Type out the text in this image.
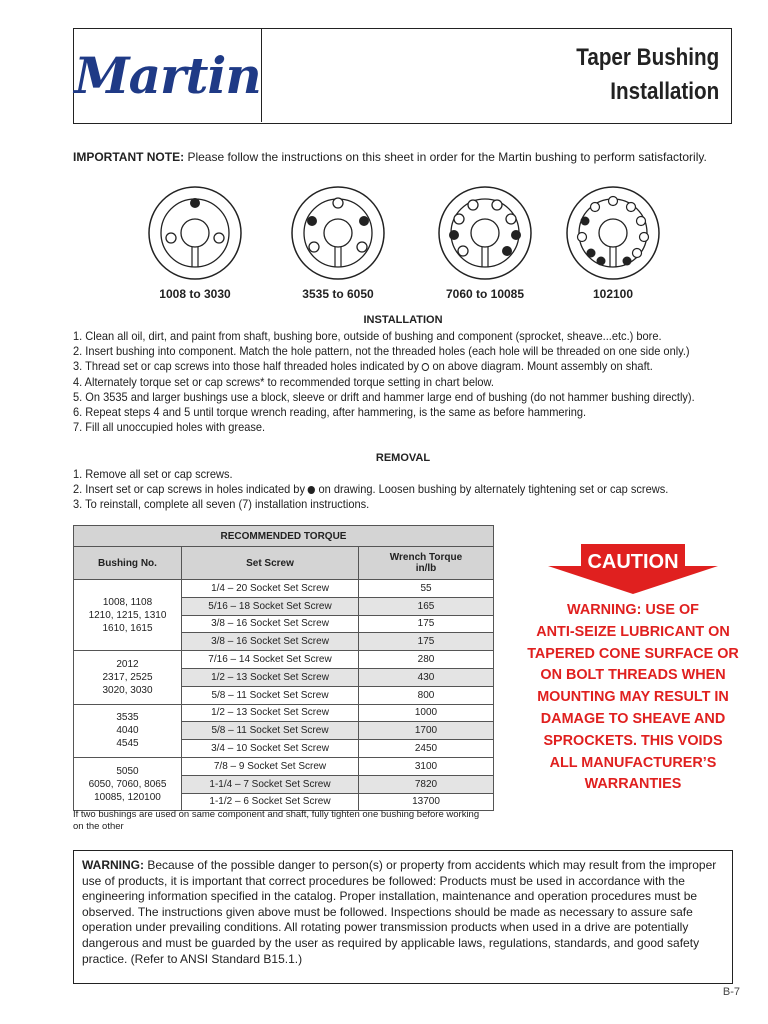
Martin	Taper Bushing
Installation
IMPORTANT NOTE: Please follow the instructions on this sheet in order for the Martin bushing to perform satisfactorily.
1008 to 3030	3535 to 6050	7060 to 10085	102100
INSTALLATION
1. Clean all oil, dirt, and paint from shaft, bushing bore, outside of bushing and component (sprocket, sheave...etc.) bore.
2. Insert bushing into component. Match the hole pattern, not the threaded holes (each hole will be threaded on one side only.)
3. Thread set or cap screws into those half threaded holes indicated by on above diagram. Mount assembly on shaft.
4. Alternately torque set or cap screws* to recommended torque setting in chart below.
5. On 3535 and larger bushings use a block, sleeve or drift and hammer large end of bushing (do not hammer bushing directly).
6. Repeat steps 4 and 5 until torque wrench reading, after hammering, is the same as before hammering.
7. Fill all unoccupied holes with grease.
REMOVAL
1. Remove all set or cap screws.
2. Insert set or cap screws in holes indicated by on drawing. Loosen bushing by alternately tightening set or cap screws.
3. To reinstall, complete all seven (7) installation instructions.
RECOMMENDED TORQUE		
Bushing No.	Set Screw	Wrench Torque
in/lb

1008, 1108
1210, 1215, 1310
1610, 1615	1/4 – 20 Socket Set Screw	55
	5/16 – 18 Socket Set Screw	165
	3/8 – 16 Socket Set Screw	175
	3/8 – 16 Socket Set Screw	175

2012
2317, 2525
3020, 3030	7/16 – 14 Socket Set Screw	280
	1/2 – 13 Socket Set Screw	430
	5/8 – 11 Socket Set Screw	800

3535
4040
4545	1/2 – 13 Socket Set Screw	1000
	5/8 – 11 Socket Set Screw	1700
	3/4 – 10 Socket Set Screw	2450

5050
6050, 7060, 8065
10085, 120100	7/8 – 9 Socket Set Screw	3100
	1-1/4 – 7 Socket Set Screw	7820
	1-1/2 – 6 Socket Set Screw	13700
If two bushings are used on same component and shaft, fully tighten one bushing before working on the other
CAUTION
WARNING: USE OF
ANTI-SEIZE LUBRICANT ON
TAPERED CONE SURFACE OR
ON BOLT THREADS WHEN
MOUNTING MAY RESULT IN
DAMAGE TO SHEAVE AND
SPROCKETS. THIS VOIDS
ALL MANUFACTURER’S
WARRANTIES
WARNING: Because of the possible danger to person(s) or property from accidents which may result from the improper use of products, it is important that correct procedures be followed: Products must be used in accordance with the engineering information specified in the catalog. Proper installation, maintenance and operation procedures must be observed. The instructions given above must be followed. Inspections should be made as necessary to assure safe operation under prevailing conditions. All rotating power transmission products when used in a drive are potentially dangerous and must be guarded by the user as required by applicable laws, regulations, standards, and good safety practice. (Refer to ANSI Standard B15.1.)
B-7
